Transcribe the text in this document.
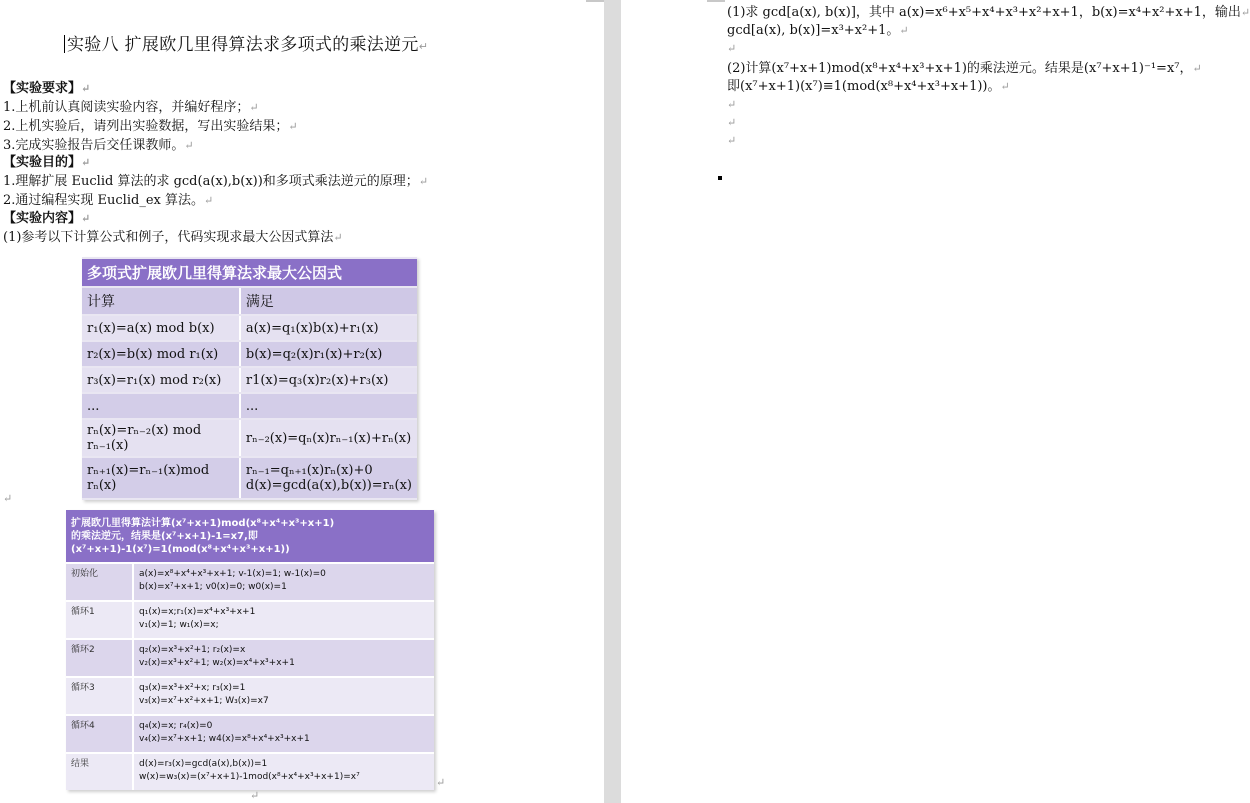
实验八 扩展欧几里得算法求多项式的乘法逆元↵
【实验要求】↵
1.上机前认真阅读实验内容，并编好程序；↵
2.上机实验后，请列出实验数据，写出实验结果；↵
3.完成实验报告后交任课教师。↵
【实验目的】↵
1.理解扩展 Euclid 算法的求 gcd(a(x),b(x))和多项式乘法逆元的原理；↵
2.通过编程实现 Euclid_ex 算法。↵
【实验内容】↵
(1)参考以下计算公式和例子，代码实现求最大公因式算法↵
多项式扩展欧几里得算法求最大公因式	
计算	满足

r₁(x)=a(x) mod b(x)	a(x)=q₁(x)b(x)+r₁(x)

r₂(x)=b(x) mod r₁(x)	b(x)=q₂(x)r₁(x)+r₂(x)

r₃(x)=r₁(x) mod r₂(x)	r1(x)=q₃(x)r₂(x)+r₃(x)

...	...

rₙ(x)=rₙ₋₂(x) mod rₙ₋₁(x)	rₙ₋₂(x)=qₙ(x)rₙ₋₁(x)+rₙ(x)

rₙ₊₁(x)=rₙ₋₁(x)mod rₙ(x)	rₙ₋₁=qₙ₊₁(x)rₙ(x)+0
d(x)=gcd(a(x),b(x))=rₙ(x)
↵
扩展欧几里得算法计算(x⁷+x+1)mod(x⁸+x⁴+x³+x+1)
的乘法逆元，结果是(x⁷+x+1)-1=x7,即(x⁷+x+1)-1(x⁷)=1(mod(x⁸+x⁴+x³+x+1))	

初始化	a(x)=x⁸+x⁴+x³+x+1; v-1(x)=1; w-1(x)=0
b(x)=x⁷+x+1; v0(x)=0; w0(x)=1

循环1	q₁(x)=x;r₁(x)=x⁴+x³+x+1
v₁(x)=1; w₁(x)=x;

循环2	q₂(x)=x³+x²+1; r₂(x)=x
v₂(x)=x³+x²+1; w₂(x)=x⁴+x³+x+1

循环3	q₃(x)=x³+x²+x; r₃(x)=1
v₃(x)=x⁷+x²+x+1; W₃(x)=x7

循环4	q₄(x)=x; r₄(x)=0
v₄(x)=x⁷+x+1; w4(x)=x⁸+x⁴+x³+x+1

结果	d(x)=r₃(x)=gcd(a(x),b(x))=1
w(x)=w₃(x)=(x⁷+x+1)-1mod(x⁸+x⁴+x³+x+1)=x⁷	↵
↵
(1)求 gcd[a(x), b(x)]，其中 a(x)=x⁶+x⁵+x⁴+x³+x²+x+1，b(x)=x⁴+x²+x+1，输出↵
gcd[a(x), b(x)]=x³+x²+1。↵
↵
(2)计算(x⁷+x+1)mod(x⁸+x⁴+x³+x+1)的乘法逆元。结果是(x⁷+x+1)⁻¹=x⁷，↵
即(x⁷+x+1)(x⁷)≡1(mod(x⁸+x⁴+x³+x+1))。↵
↵
↵
↵
